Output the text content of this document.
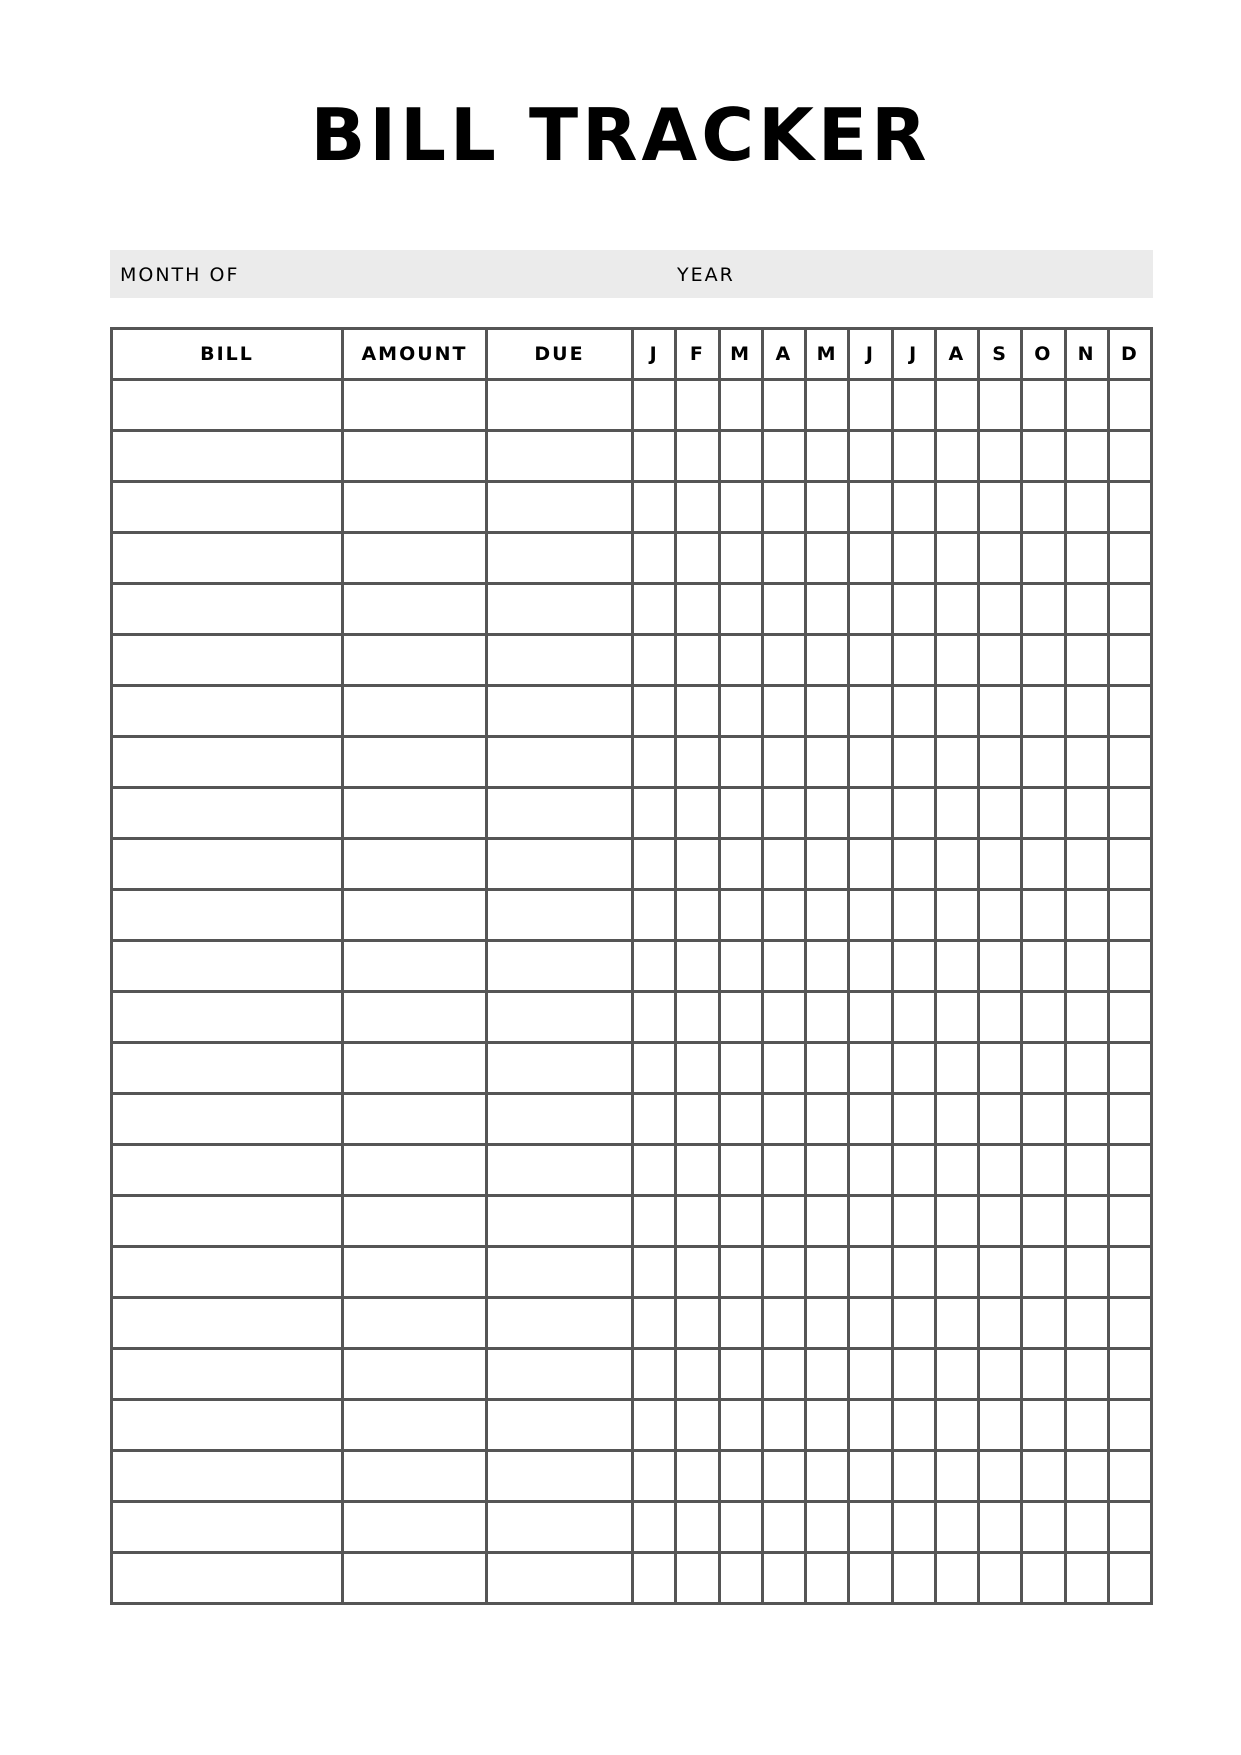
BILL TRACKER
MONTH OF	YEAR
BILL	AMOUNT	DUE	J	F	M	A	M	J	J	A	S	O	N	D
